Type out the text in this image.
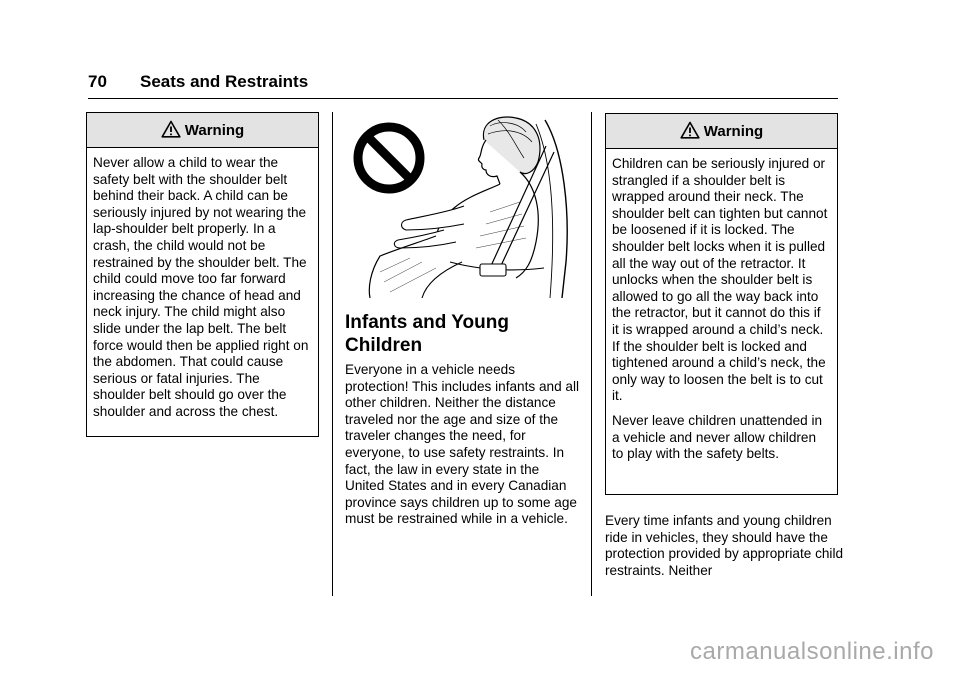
70	Seats and Restraints
Warning

Never allow a child to wear the safety belt with the shoulder belt behind their back. A child can be seriously injured by not wearing the lap-shoulder belt properly. In a crash, the child would not be restrained by the shoulder belt. The child could move too far forward increasing the chance of head and neck injury. The child might also slide under the lap belt. The belt force would then be applied right on the abdomen. That could cause serious or fatal injuries. The shoulder belt should go over the shoulder and across the chest.

Infants and Young Children
Everyone in a vehicle needs protection! This includes infants and all other children. Neither the distance traveled nor the age and size of the traveler changes the need, for everyone, to use safety restraints. In fact, the law in every state in the United States and in every Canadian province says children up to some age must be restrained while in a vehicle.
Warning

Children can be seriously injured or strangled if a shoulder belt is wrapped around their neck. The shoulder belt can tighten but cannot be loosened if it is locked. The shoulder belt locks when it is pulled all the way out of the retractor. It unlocks when the shoulder belt is allowed to go all the way back into the retractor, but it cannot do this if it is wrapped around a child’s neck. If the shoulder belt is locked and tightened around a child’s neck, the only way to loosen the belt is to cut it.

Never leave children unattended in a vehicle and never allow children to play with the safety belts.

Every time infants and young children ride in vehicles, they should have the protection provided by appropriate child restraints. Neither
carmanualsonline.info
